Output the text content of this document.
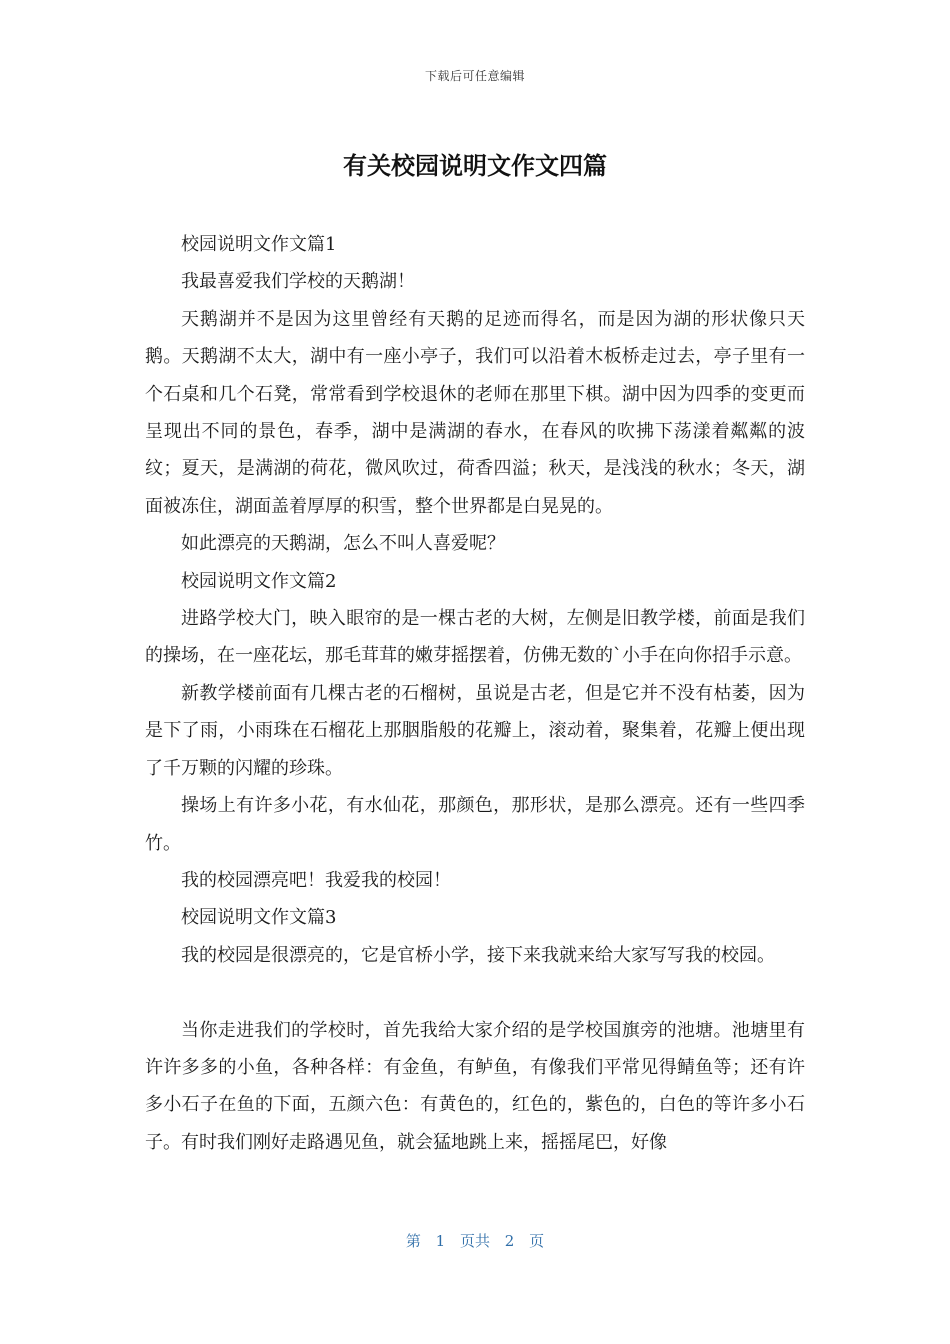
下载后可任意编辑
有关校园说明文作文四篇

校园说明文作文篇1

我最喜爱我们学校的天鹅湖！

天鹅湖并不是因为这里曾经有天鹅的足迹而得名，而是因为湖的形状像只天鹅。天鹅湖不太大，湖中有一座小亭子，我们可以沿着木板桥走过去，亭子里有一个石桌和几个石凳，常常看到学校退休的老师在那里下棋。湖中因为四季的变更而呈现出不同的景色，春季，湖中是满湖的春水，在春风的吹拂下荡漾着粼粼的波纹；夏天，是满湖的荷花，微风吹过，荷香四溢；秋天，是浅浅的秋水；冬天，湖面被冻住，湖面盖着厚厚的积雪，整个世界都是白晃晃的。

如此漂亮的天鹅湖，怎么不叫人喜爱呢？

校园说明文作文篇2

进路学校大门，映入眼帘的是一棵古老的大树，左侧是旧教学楼，前面是我们的操场，在一座花坛，那毛茸茸的嫩芽摇摆着，仿佛无数的`小手在向你招手示意。

新教学楼前面有几棵古老的石榴树，虽说是古老，但是它并不没有枯萎，因为是下了雨，小雨珠在石榴花上那胭脂般的花瓣上，滚动着，聚集着，花瓣上便出现了千万颗的闪耀的珍珠。

操场上有许多小花，有水仙花，那颜色，那形状，是那么漂亮。还有一些四季竹。

我的校园漂亮吧！我爱我的校园！

校园说明文作文篇3

我的校园是很漂亮的，它是官桥小学，接下来我就来给大家写写我的校园。

当你走进我们的学校时，首先我给大家介绍的是学校国旗旁的池塘。池塘里有许许多多的小鱼，各种各样：有金鱼，有鲈鱼，有像我们平常见得鲭鱼等；还有许多小石子在鱼的下面，五颜六色：有黄色的，红色的，紫色的，白色的等许多小石子。有时我们刚好走路遇见鱼，就会猛地跳上来，摇摇尾巴，好像

第 1 页共 2 页
